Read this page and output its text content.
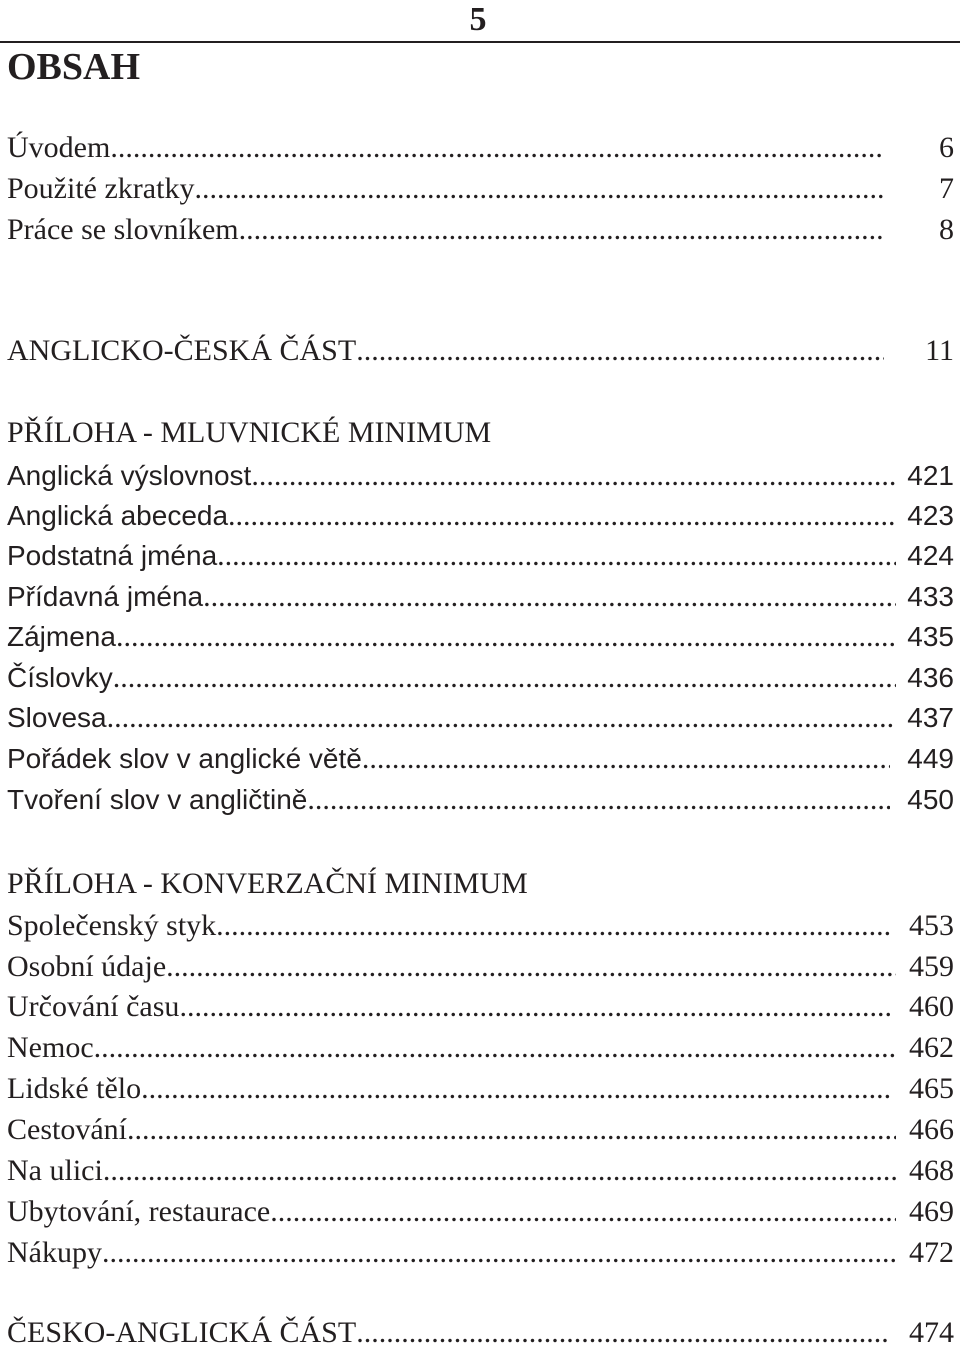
5
OBSAH
Úvodem .....	6
Použité zkratky .....	7
Práce se slovníkem .....	8
ANGLICKO-ČESKÁ ČÁST .....	11
PŘÍLOHA - MLUVNICKÉ MINIMUM
Anglická výslovnost .....	421
Anglická abeceda .....	423
Podstatná jména .....	424
Přídavná jména .....	433
Zájmena .....	435
Číslovky .....	436
Slovesa .....	437
Pořádek slov v anglické větě .....	449
Tvoření slov v angličtině .....	450
PŘÍLOHA - KONVERZAČNÍ MINIMUM
Společenský styk .....	453
Osobní údaje .....	459
Určování času .....	460
Nemoc .....	462
Lidské tělo .....	465
Cestování .....	466
Na ulici .....	468
Ubytování, restaurace .....	469
Nákupy .....	472
ČESKO-ANGLICKÁ ČÁST .....	474
